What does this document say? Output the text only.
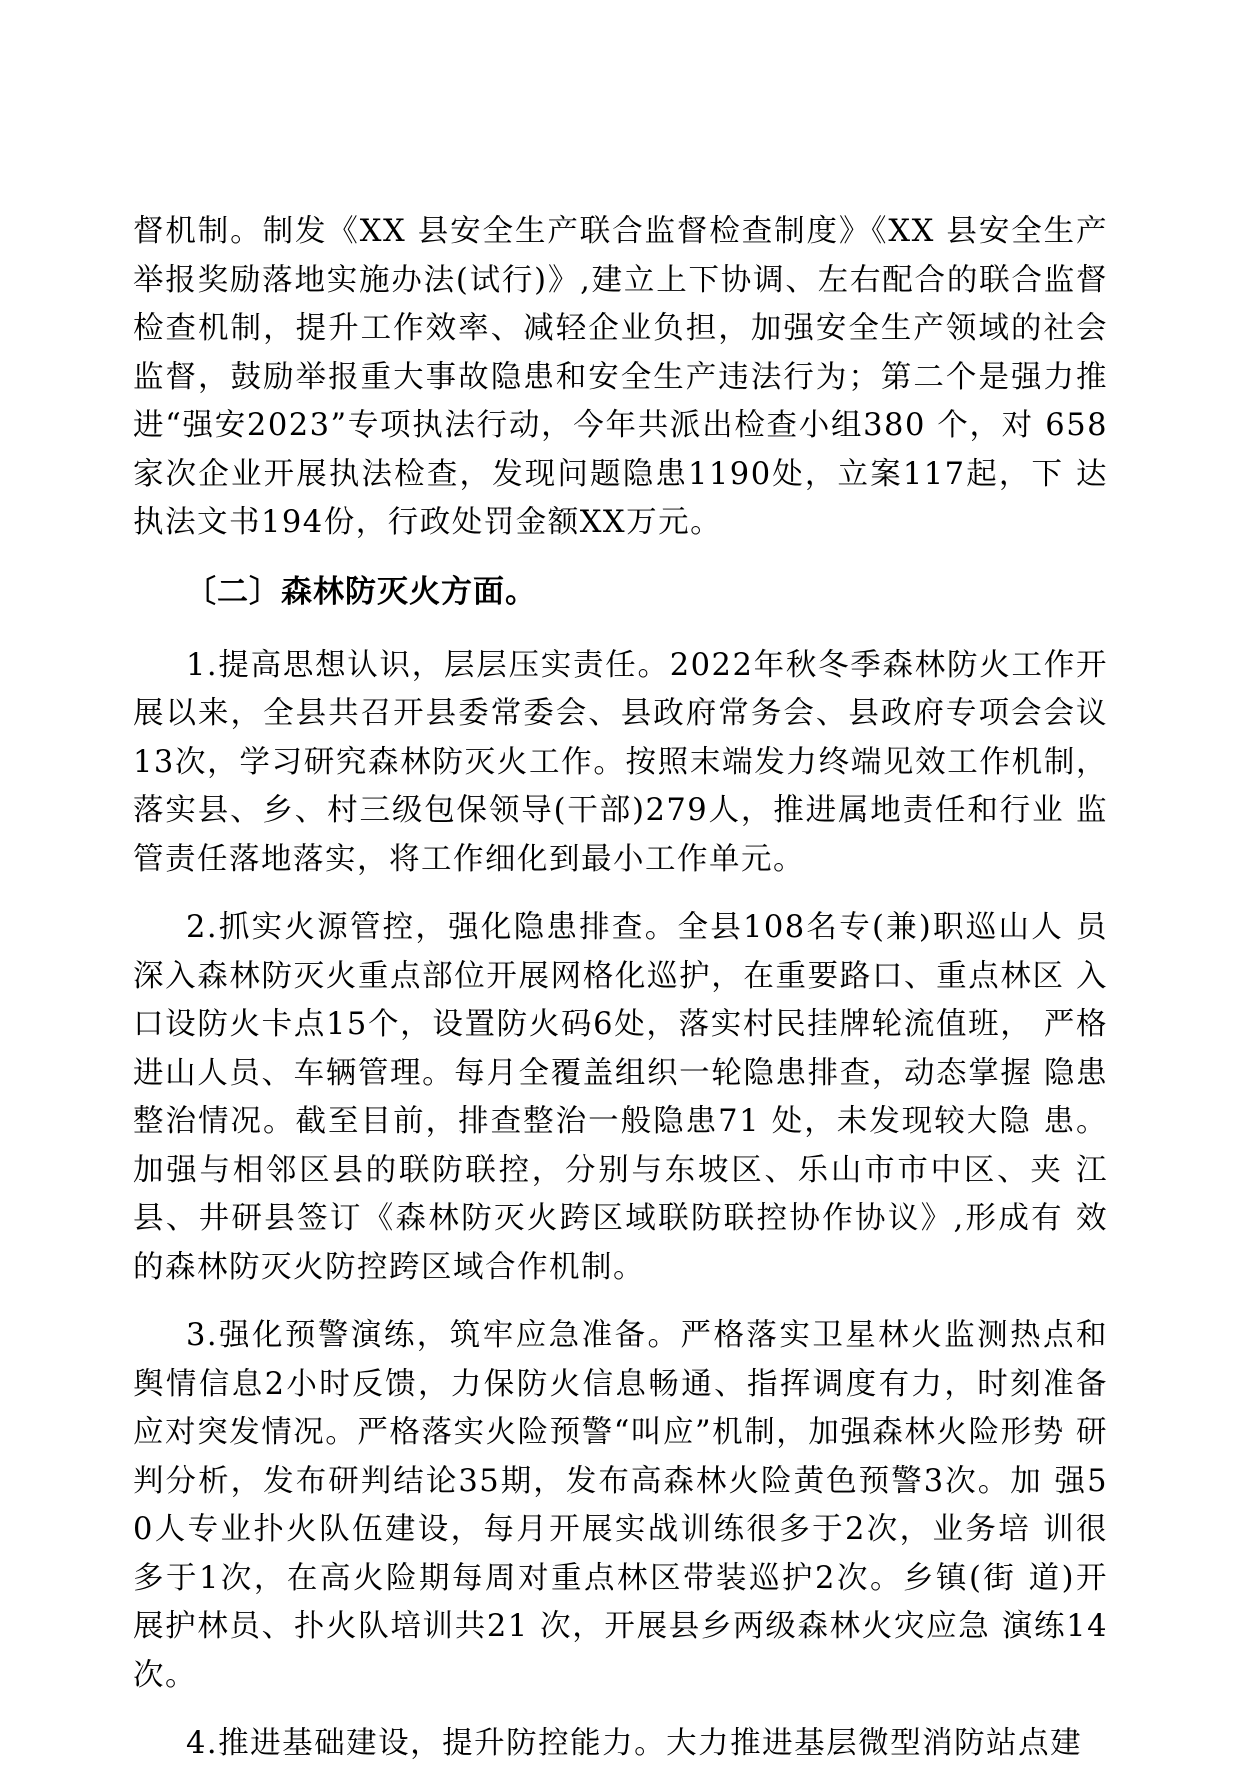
督机制。制发《XX 县安全生产联合监督检查制度》《XX 县安全生产举报奖励落地实施办法(试行)》,建立上下协调、左右配合的联合监督检查机制，提升工作效率、减轻企业负担，加强安全生产领域的社会监督，鼓励举报重大事故隐患和安全生产违法行为；第二个是强力推进“强安2023”专项执法行动，今年共派出检查小组380 个，对 658家次企业开展执法检查，发现问题隐患1190处，立案117起，下 达执法文书194份，行政处罚金额XX万元。

〔二〕森林防灭火方面。

1.提高思想认识，层层压实责任。2022年秋冬季森林防火工作开 展以来，全县共召开县委常委会、县政府常务会、县政府专项会会议 13次，学习研究森林防灭火工作。按照末端发力终端见效工作机制， 落实县、乡、村三级包保领导(干部)279人，推进属地责任和行业 监管责任落地落实，将工作细化到最小工作单元。

2.抓实火源管控，强化隐患排查。全县108名专(兼)职巡山人 员深入森林防灭火重点部位开展网格化巡护，在重要路口、重点林区 入口设防火卡点15个，设置防火码6处，落实村民挂牌轮流值班， 严格进山人员、车辆管理。每月全覆盖组织一轮隐患排查，动态掌握 隐患整治情况。截至目前，排查整治一般隐患71 处，未发现较大隐 患。加强与相邻区县的联防联控，分别与东坡区、乐山市市中区、夹 江县、井研县签订《森林防灭火跨区域联防联控协作协议》,形成有 效的森林防灭火防控跨区域合作机制。

3.强化预警演练，筑牢应急准备。严格落实卫星林火监测热点和舆情信息2小时反馈，力保防火信息畅通、指挥调度有力，时刻准备 应对突发情况。严格落实火险预警“叫应”机制，加强森林火险形势 研判分析，发布研判结论35期，发布高森林火险黄色预警3次。加 强50人专业扑火队伍建设，每月开展实战训练很多于2次，业务培 训很多于1次，在高火险期每周对重点林区带装巡护2次。乡镇(街 道)开展护林员、扑火队培训共21 次，开展县乡两级森林火灾应急 演练14次。

4.推进基础建设，提升防控能力。大力推进基层微型消防站点建
